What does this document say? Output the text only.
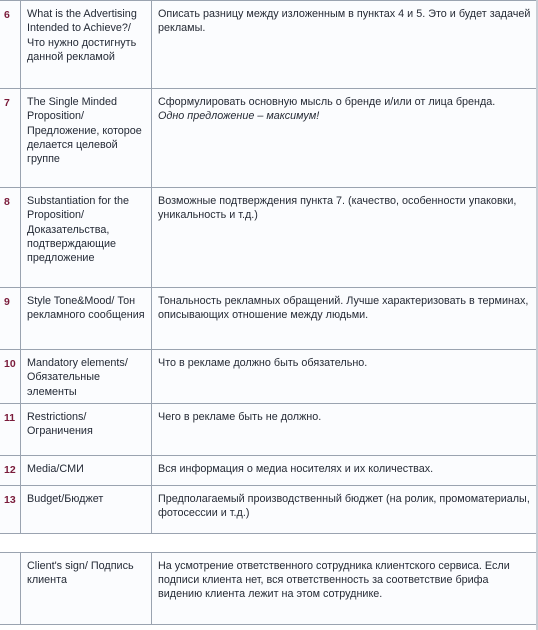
6	What is the Advertising Intended to Achieve?/ Что нужно достигнуть данной рекламой	Описать разницу между изложенным в пунктах 4 и 5. Это и будет задачей рекламы.
7	The Single Minded Proposition/ Предложение, которое делается целевой группе	Сформулировать основную мысль о бренде и/или от лица бренда.
Одно предложение – максимум!

8	Substantiation for the Proposition/ Доказательства, подтверждающие предложение	Возможные подтверждения пункта 7. (качество, особенности упаковки, уникальность и т.д.)
9	Style Tone&Mood/ Тон рекламного сообщения	Тональность рекламных обращений. Лучше характеризовать в терминах, описывающих отношение между людьми.
10	Mandatory elements/ Обязательные элементы	Что в рекламе должно быть обязательно.
11	Restrictions/ Ограничения	Чего в рекламе быть не должно.
12	Media/СМИ	Вся информация о медиа носителях и их количествах.
13	Budget/Бюджет	Предполагаемый производственный бюджет (на ролик, промоматериалы, фотосессии и т.д.)

	Client's sign/ Подпись клиента	На усмотрение ответственного сотрудника клиентского сервиса. Если подписи клиента нет, вся ответственность за соответствие брифа видению клиента лежит на этом сотруднике.
